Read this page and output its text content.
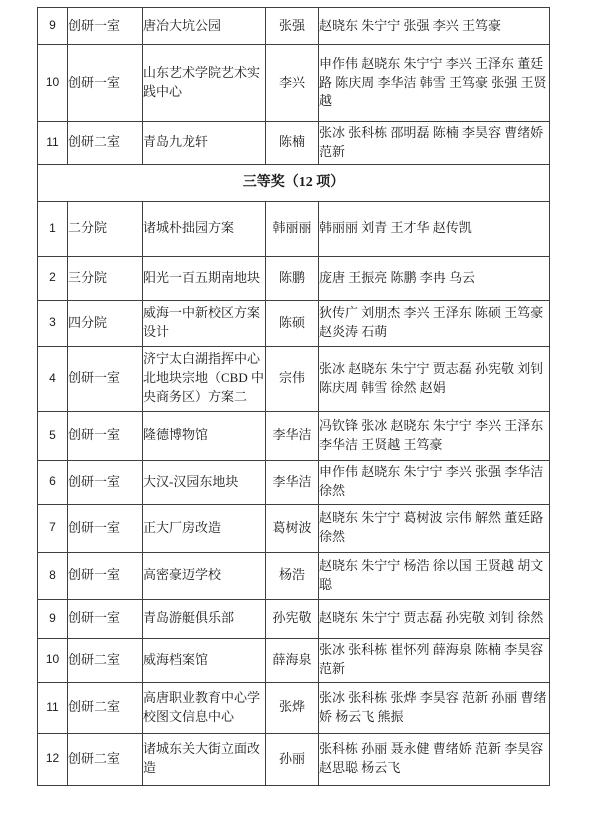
9	创研一室	唐冶大坑公园	张强	赵晓东 朱宁宁 张强 李兴 王笃豪
10	创研一室	山东艺术学院艺术实践中心	李兴	申作伟 赵晓东 朱宁宁 李兴 王泽东 董廷路 陈庆周 李华洁 韩雪 王笃豪 张强 王贤越
11	创研二室	青岛九龙轩	陈楠	张冰 张科栋 邵明磊 陈楠 李昊容 曹绪娇 范新
三等奖（12 项）				
1	二分院	诸城朴拙园方案	韩丽丽	韩丽丽 刘青 王才华 赵传凯
2	三分院	阳光一百五期南地块	陈鹏	庞唐 王振亮 陈鹏 李冉 乌云
3	四分院	威海一中新校区方案设计	陈硕	狄传广 刘朋杰 李兴 王泽东 陈硕 王笃豪 赵炎涛 石萌
4	创研一室	济宁太白湖指挥中心北地块宗地（CBD 中央商务区）方案二	宗伟	张冰 赵晓东 朱宁宁 贾志磊 孙宪敬 刘钊 陈庆周 韩雪 徐然 赵娟
5	创研一室	隆德博物馆	李华洁	冯钦锋 张冰 赵晓东 朱宁宁 李兴 王泽东 李华洁 王贤越 王笃豪
6	创研一室	大汉-汉园东地块	李华洁	申作伟 赵晓东 朱宁宁 李兴 张强 李华洁 徐然
7	创研一室	正大厂房改造	葛树波	赵晓东 朱宁宁 葛树波 宗伟 解然 董廷路 徐然
8	创研一室	高密豪迈学校	杨浩	赵晓东 朱宁宁 杨浩 徐以国 王贤越 胡文聪
9	创研一室	青岛游艇俱乐部	孙宪敬	赵晓东 朱宁宁 贾志磊 孙宪敬 刘钊 徐然
10	创研二室	威海档案馆	薛海泉	张冰 张科栋 崔怀列 薛海泉 陈楠 李昊容 范新
11	创研二室	高唐职业教育中心学校图文信息中心	张烨	张冰 张科栋 张烨 李昊容 范新 孙丽 曹绪娇 杨云飞 熊振
12	创研二室	诸城东关大街立面改造	孙丽	张科栋 孙丽 聂永健 曹绪娇 范新 李昊容 赵思聪 杨云飞
